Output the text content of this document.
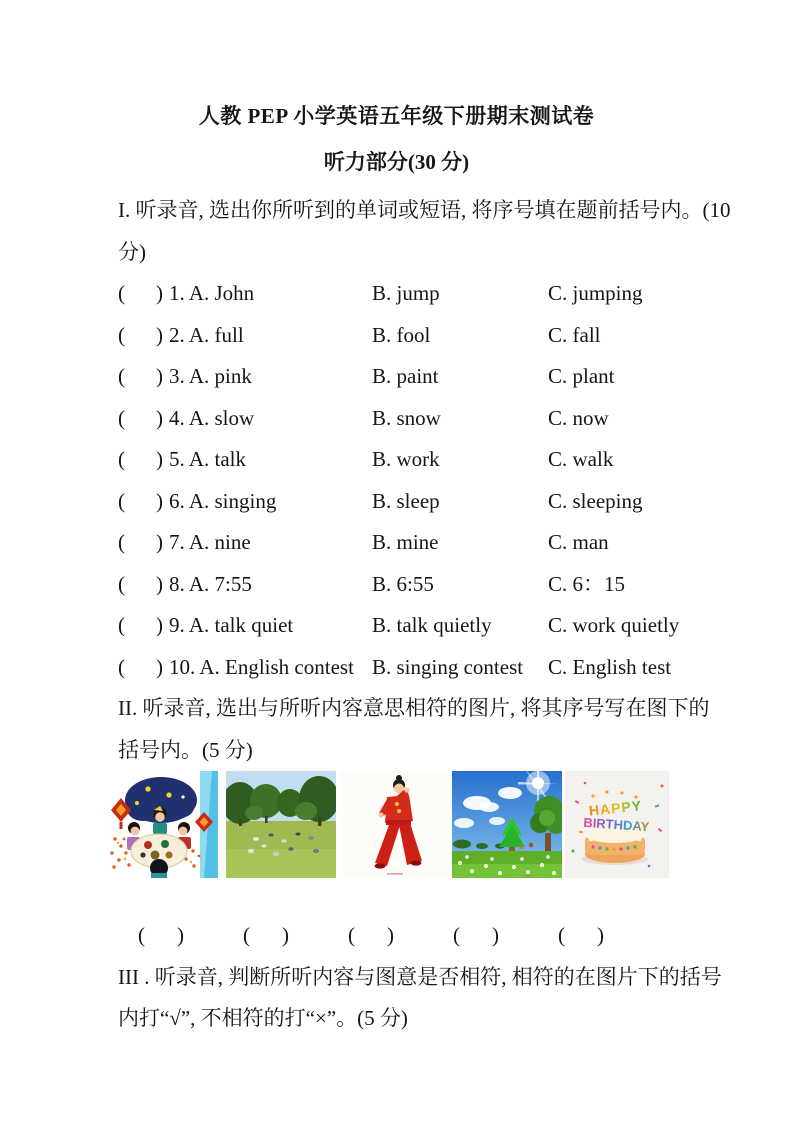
人教 PEP 小学英语五年级下册期末测试卷
听力部分(30 分)
I. 听录音, 选出你所听到的单词或短语, 将序号填在题前括号内。(10
分)
( ) 1. A. John	B. jump	C. jumping
( ) 2. A. full	B. fool	C. fall
( ) 3. A. pink	B. paint	C. plant
( ) 4. A. slow	B. snow	C. now
( ) 5. A. talk	B. work	C. walk
( ) 6. A. singing	B. sleep	C. sleeping
( ) 7. A. nine	B. mine	C. man
( ) 8. A. 7:55	B. 6:55	C. 6：15
( ) 9. A. talk quiet	B. talk quietly	C. work quietly
( ) 10. A. English contest B. singing contest	C. English test
II. 听录音, 选出与所听内容意思相符的图片, 将其序号写在图下的
括号内。(5 分)
HAPPY
BIRTHDAY
( )	( )	( )	( )	( )
III . 听录音, 判断所听内容与图意是否相符, 相符的在图片下的括号
内打“√”, 不相符的打“×”。(5 分)
